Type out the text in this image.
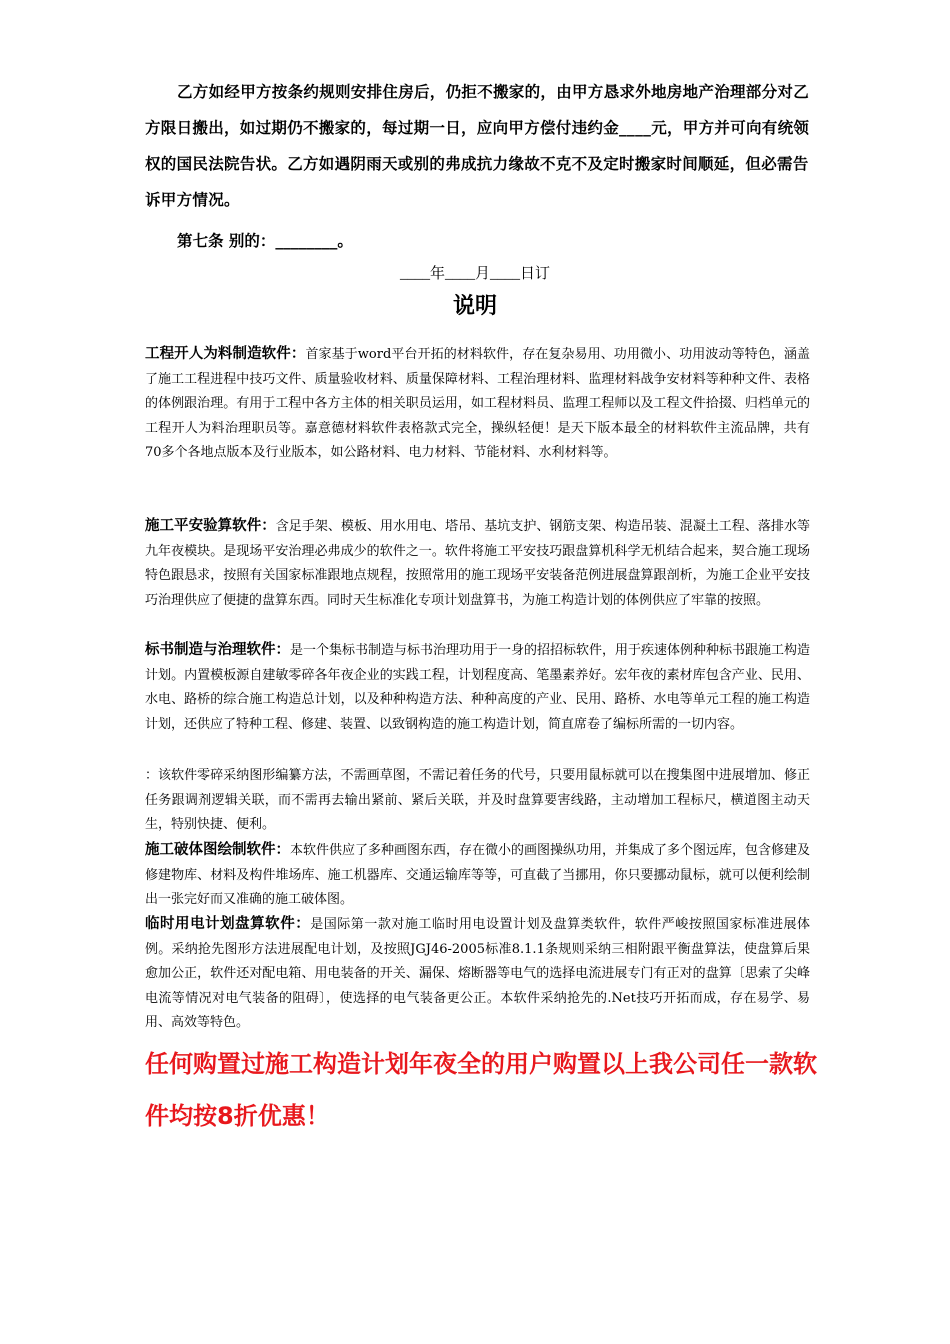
乙方如经甲方按条约规则安排住房后，仍拒不搬家的，由甲方恳求外地房地产治理部分对乙方限日搬出，如过期仍不搬家的，每过期一日，应向甲方偿付违约金____元，甲方并可向有统领权的国民法院告状。乙方如遇阴雨天或别的弗成抗力缘故不克不及定时搬家时间顺延，但必需告诉甲方情况。
第七条 别的：________。
____年____月____日订
说明
工程开人为料制造软件：首家基于word平台开拓的材料软件，存在复杂易用、功用微小、功用波动等特色，涵盖了施工工程进程中技巧文件、质量验收材料、质量保障材料、工程治理材料、监理材料战争安材料等种种文件、表格的体例跟治理。有用于工程中各方主体的相关职员运用，如工程材料员、监理工程师以及工程文件拾掇、归档单元的工程开人为料治理职员等。嘉意德材料软件表格款式完全，操纵轻便！是天下版本最全的材料软件主流品牌，共有70多个各地点版本及行业版本，如公路材料、电力材料、节能材料、水利材料等。
施工平安验算软件：含足手架、模板、用水用电、塔吊、基坑支护、钢筋支架、构造吊装、混凝土工程、落排水等九年夜模块。是现场平安治理必弗成少的软件之一。软件将施工平安技巧跟盘算机科学无机结合起来，契合施工现场特色跟恳求，按照有关国家标准跟地点规程，按照常用的施工现场平安装备范例进展盘算跟剖析，为施工企业平安技巧治理供应了便捷的盘算东西。同时天生标准化专项计划盘算书，为施工构造计划的体例供应了牢靠的按照。
标书制造与治理软件：是一个集标书制造与标书治理功用于一身的招招标软件，用于疾速体例种种标书跟施工构造计划。内置模板源自建敏零碎各年夜企业的实践工程，计划程度高、笔墨素养好。宏年夜的素材库包含产业、民用、水电、路桥的综合施工构造总计划，以及种种构造方法、种种高度的产业、民用、路桥、水电等单元工程的施工构造计划，还供应了特种工程、修建、装置、以致钢构造的施工构造计划，简直席卷了编标所需的一切内容。
：该软件零碎采纳图形编纂方法，不需画草图，不需记着任务的代号，只要用鼠标就可以在搜集图中进展增加、修正任务跟调剂逻辑关联，而不需再去输出紧前、紧后关联，并及时盘算要害线路，主动增加工程标尺，横道图主动天生，特别快捷、便利。
施工破体图绘制软件：本软件供应了多种画图东西，存在微小的画图操纵功用，并集成了多个图远库，包含修建及修建物库、材料及构件堆场库、施工机器库、交通运输库等等，可直截了当挪用，你只要挪动鼠标，就可以便利绘制出一张完好而又准确的施工破体图。
临时用电计划盘算软件：是国际第一款对施工临时用电设置计划及盘算类软件，软件严峻按照国家标准进展体例。采纳抢先图形方法进展配电计划，及按照JGJ46-2005标准8.1.1条规则采纳三相附跟平衡盘算法，使盘算后果愈加公正，软件还对配电箱、用电装备的开关、漏保、熔断器等电气的选择电流进展专门有正对的盘算〔思索了尖峰电流等情况对电气装备的阻碍〕，使选择的电气装备更公正。本软件采纳抢先的.Net技巧开拓而成，存在易学、易用、高效等特色。
任何购置过施工构造计划年夜全的用户购置以上我公司任一款软件均按8折优惠！
